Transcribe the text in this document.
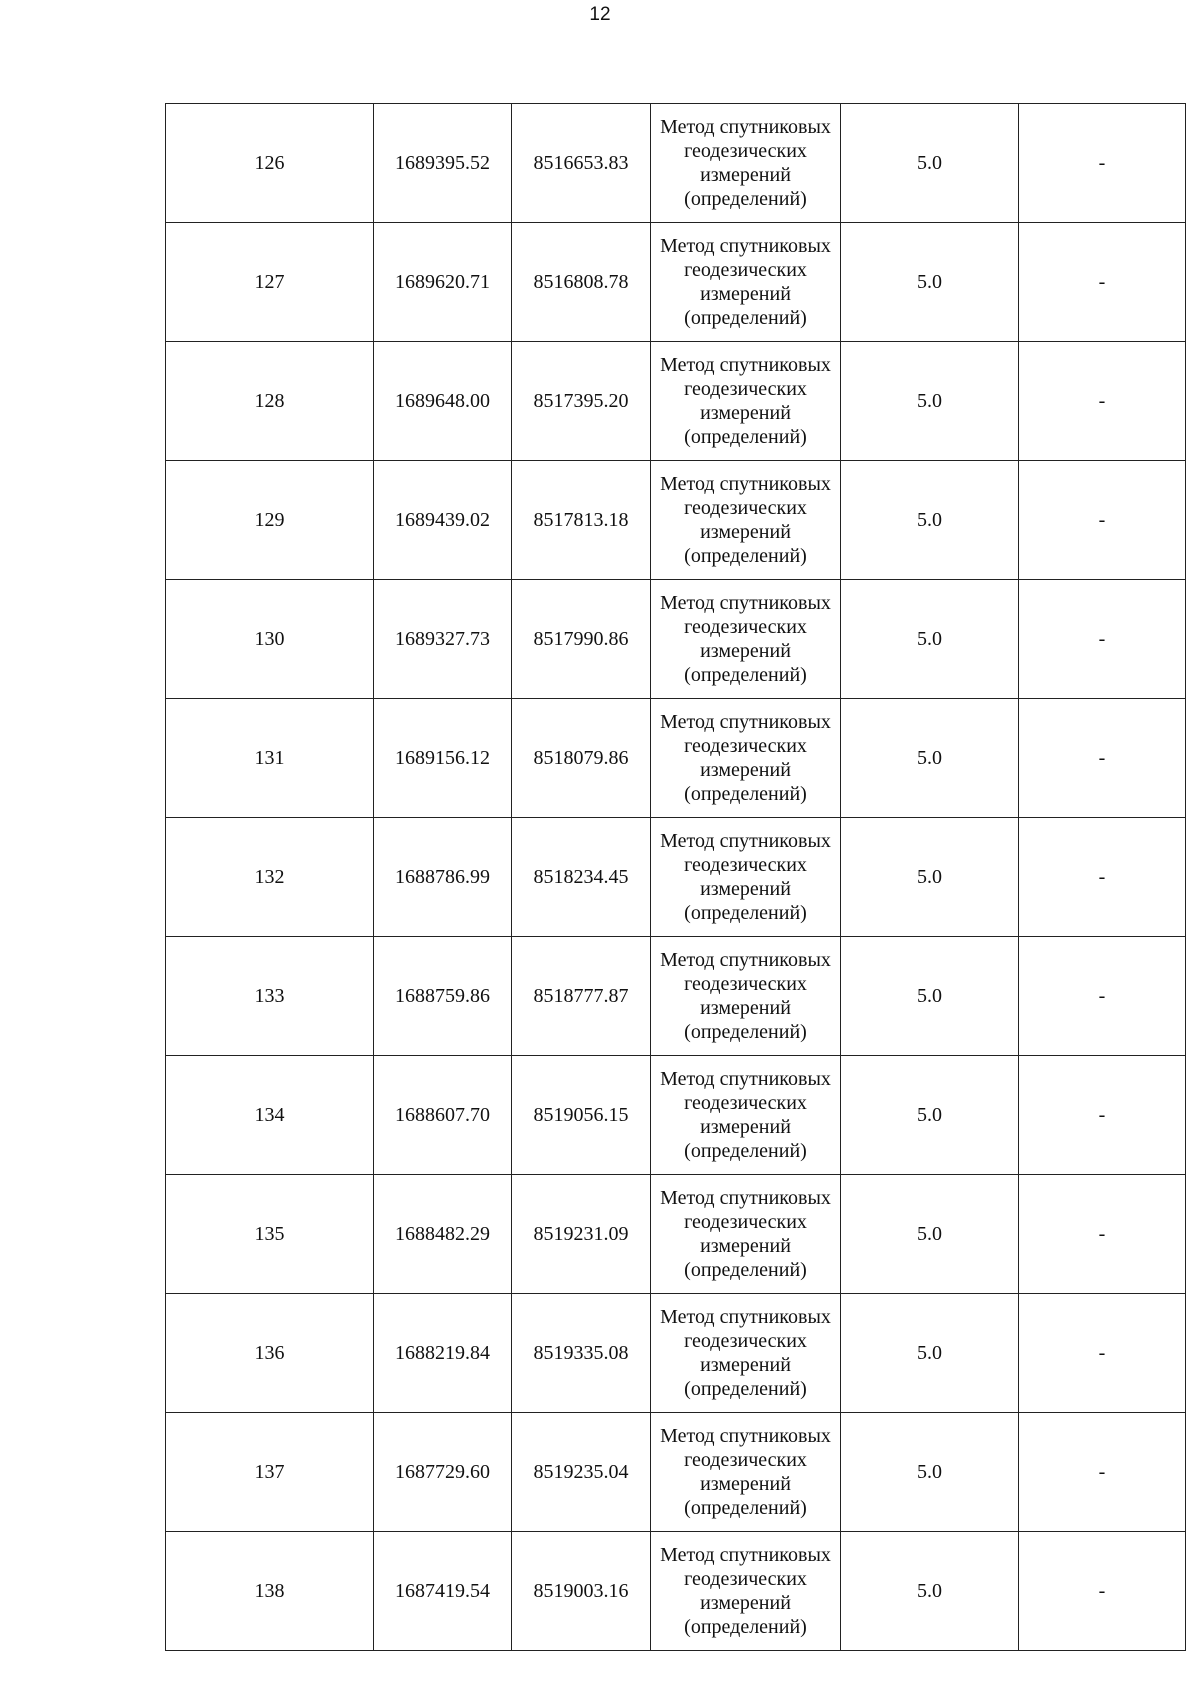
12
126	1689395.52	8516653.83	Метод спутниковых геодезических измерений (определений)	5.0	-
127	1689620.71	8516808.78	Метод спутниковых геодезических измерений (определений)	5.0	-
128	1689648.00	8517395.20	Метод спутниковых геодезических измерений (определений)	5.0	-
129	1689439.02	8517813.18	Метод спутниковых геодезических измерений (определений)	5.0	-
130	1689327.73	8517990.86	Метод спутниковых геодезических измерений (определений)	5.0	-
131	1689156.12	8518079.86	Метод спутниковых геодезических измерений (определений)	5.0	-
132	1688786.99	8518234.45	Метод спутниковых геодезических измерений (определений)	5.0	-
133	1688759.86	8518777.87	Метод спутниковых геодезических измерений (определений)	5.0	-
134	1688607.70	8519056.15	Метод спутниковых геодезических измерений (определений)	5.0	-
135	1688482.29	8519231.09	Метод спутниковых геодезических измерений (определений)	5.0	-
136	1688219.84	8519335.08	Метод спутниковых геодезических измерений (определений)	5.0	-
137	1687729.60	8519235.04	Метод спутниковых геодезических измерений (определений)	5.0	-
138	1687419.54	8519003.16	Метод спутниковых геодезических измерений (определений)	5.0	-
